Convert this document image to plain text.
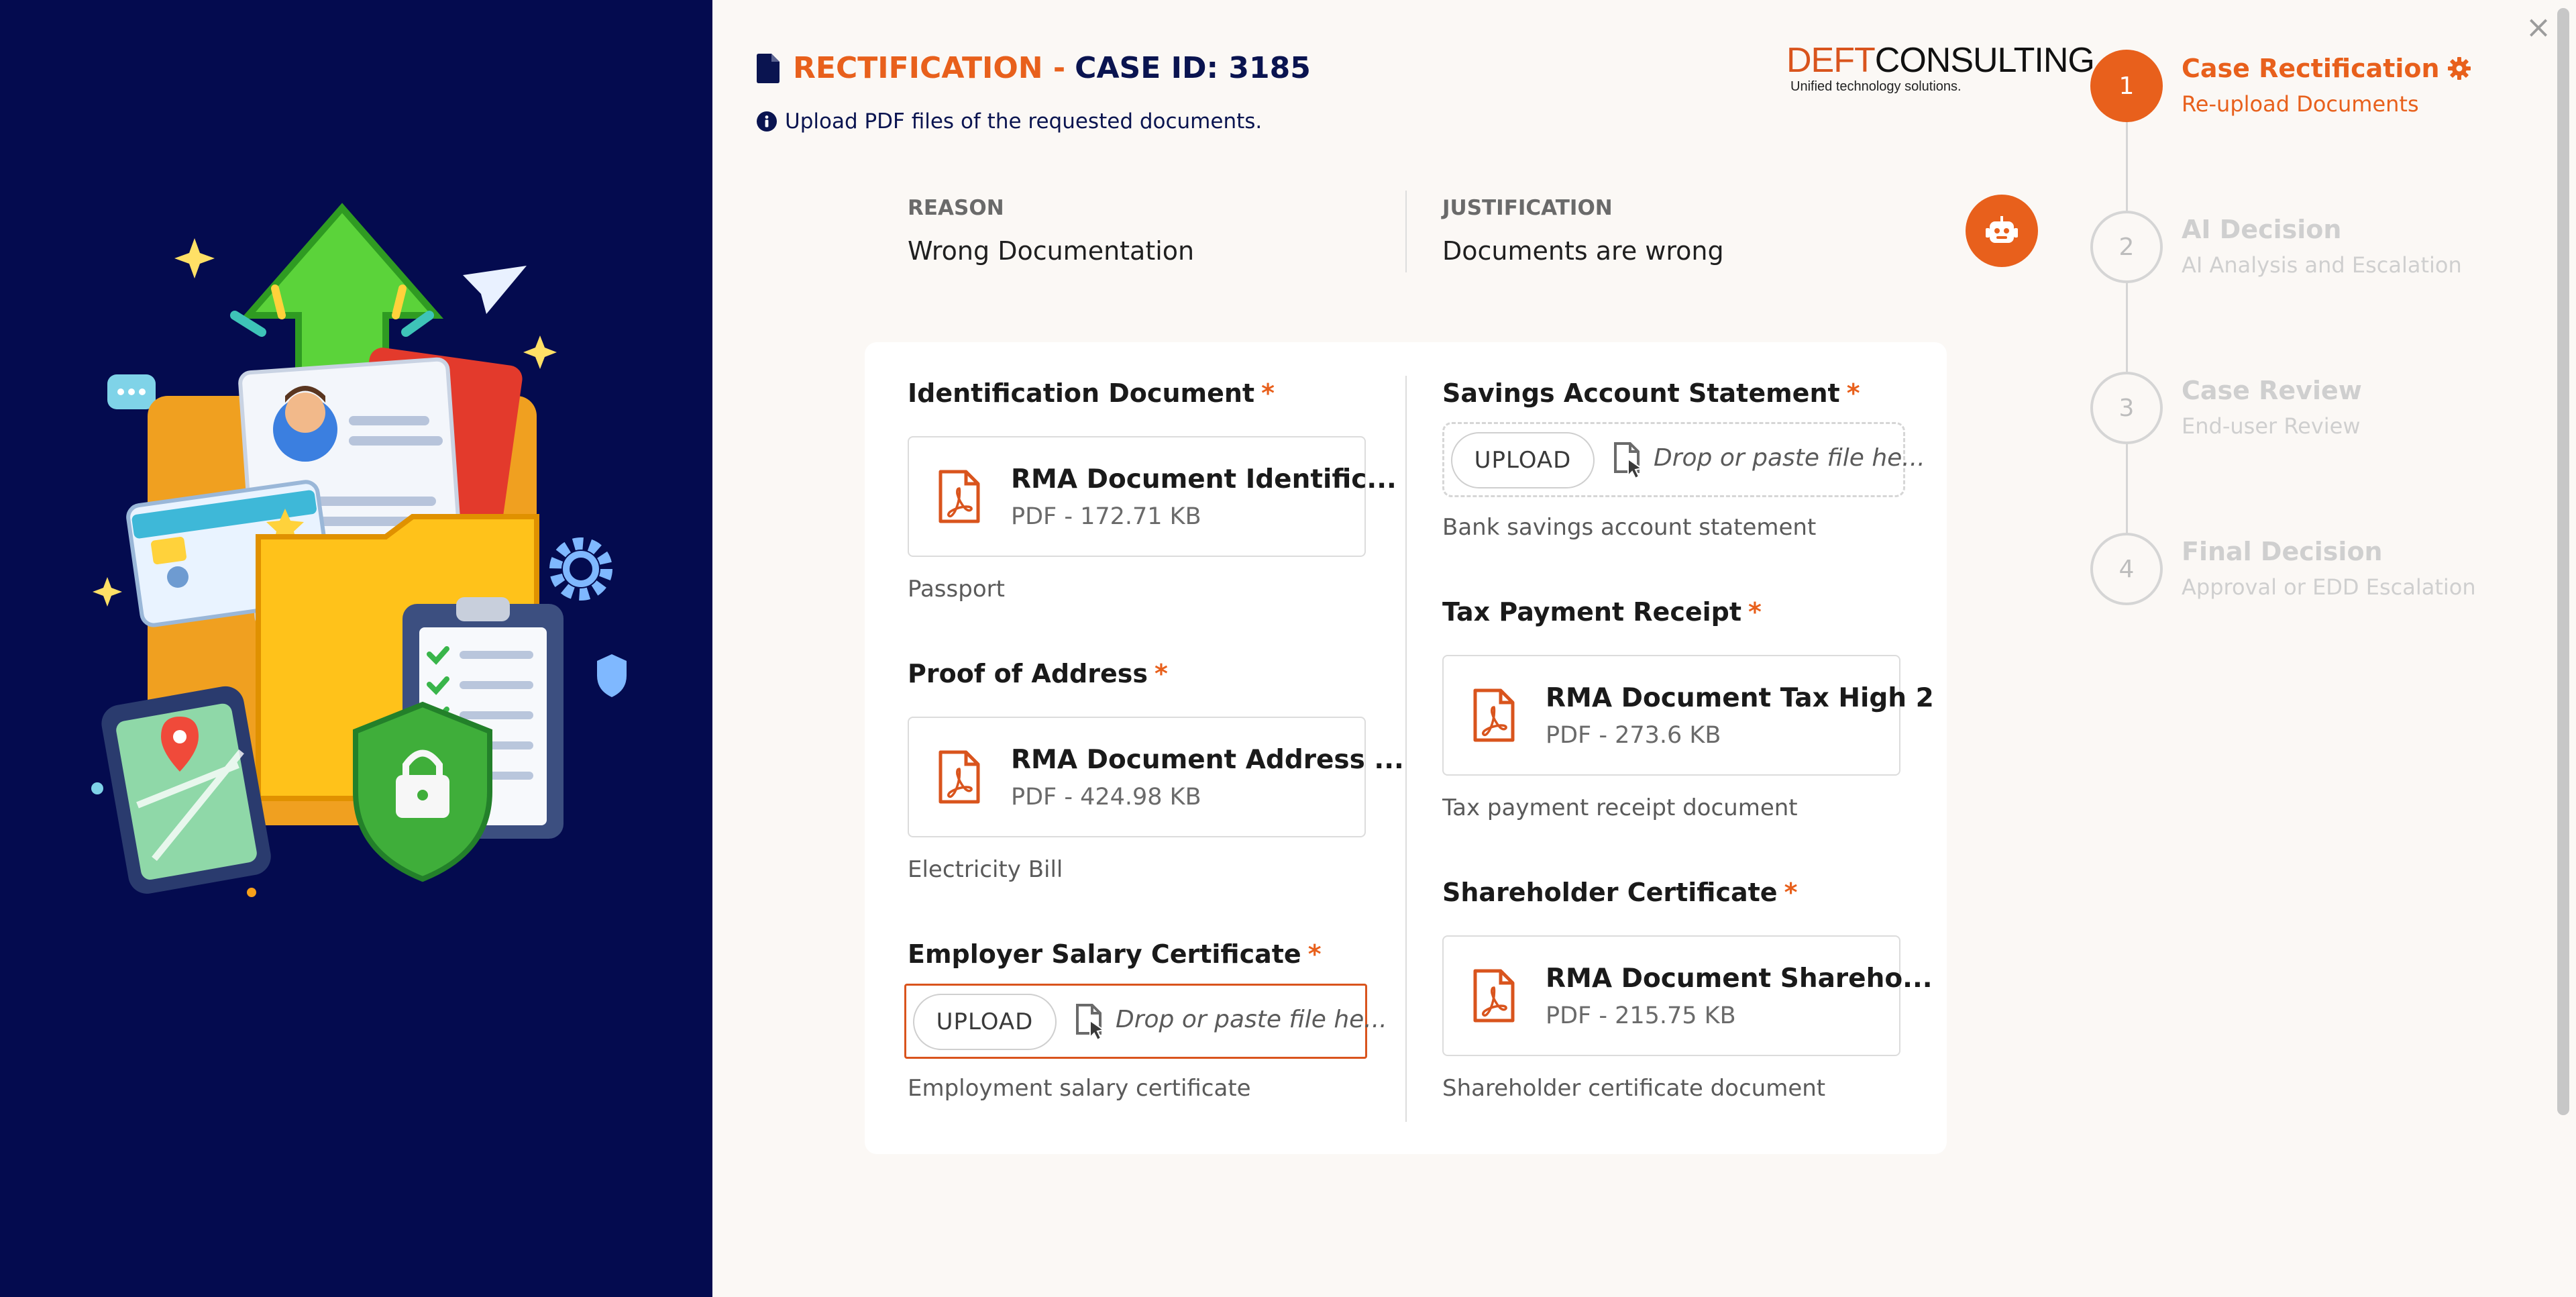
×
RECTIFICATION - CASE ID: 3185
Upload PDF files of the requested documents.
DEFTCONSULTING
Unified technology solutions.
REASON
Wrong Documentation
JUSTIFICATION
Documents are wrong
Identification Document *
RMA Document Identific...
PDF - 172.71 KB
Passport
Proof of Address *
RMA Document Address ...
PDF - 424.98 KB
Electricity Bill
Employer Salary Certificate *
UPLOAD	Drop or paste file he...
Employment salary certificate
Savings Account Statement *
UPLOAD	Drop or paste file he...
Bank savings account statement
Tax Payment Receipt *
RMA Document Tax High 2
PDF - 273.6 KB
Tax payment receipt document
Shareholder Certificate *
RMA Document Shareho...
PDF - 215.75 KB
Shareholder certificate document
1
Case Rectification
Re-upload Documents
2
AI Decision
AI Analysis and Escalation
3
Case Review
End-user Review
4
Final Decision
Approval or EDD Escalation
